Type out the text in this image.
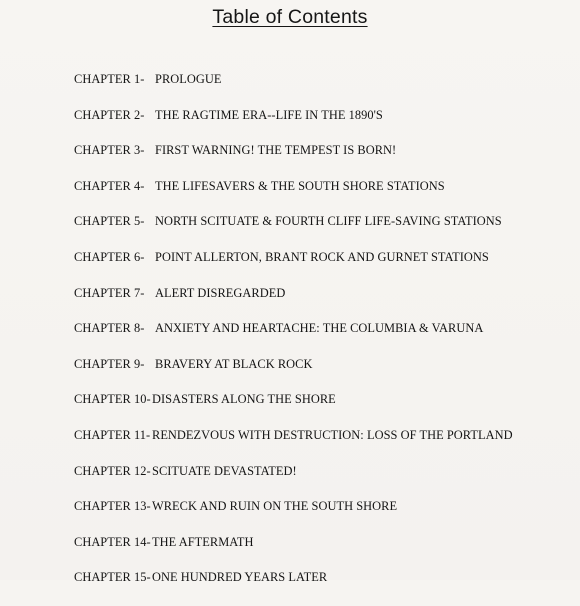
Table of Contents
CHAPTER 1- PROLOGUE
CHAPTER 2- THE RAGTIME ERA--LIFE IN THE 1890'S
CHAPTER 3- FIRST WARNING! THE TEMPEST IS BORN!
CHAPTER 4- THE LIFESAVERS & THE SOUTH SHORE STATIONS
CHAPTER 5- NORTH SCITUATE & FOURTH CLIFF LIFE-SAVING STATIONS
CHAPTER 6- POINT ALLERTON, BRANT ROCK AND GURNET STATIONS
CHAPTER 7- ALERT DISREGARDED
CHAPTER 8- ANXIETY AND HEARTACHE: THE COLUMBIA & VARUNA
CHAPTER 9- BRAVERY AT BLACK ROCK
CHAPTER 10- DISASTERS ALONG THE SHORE
CHAPTER 11- RENDEZVOUS WITH DESTRUCTION: LOSS OF THE PORTLAND
CHAPTER 12- SCITUATE DEVASTATED!
CHAPTER 13- WRECK AND RUIN ON THE SOUTH SHORE
CHAPTER 14- THE AFTERMATH
CHAPTER 15- ONE HUNDRED YEARS LATER
